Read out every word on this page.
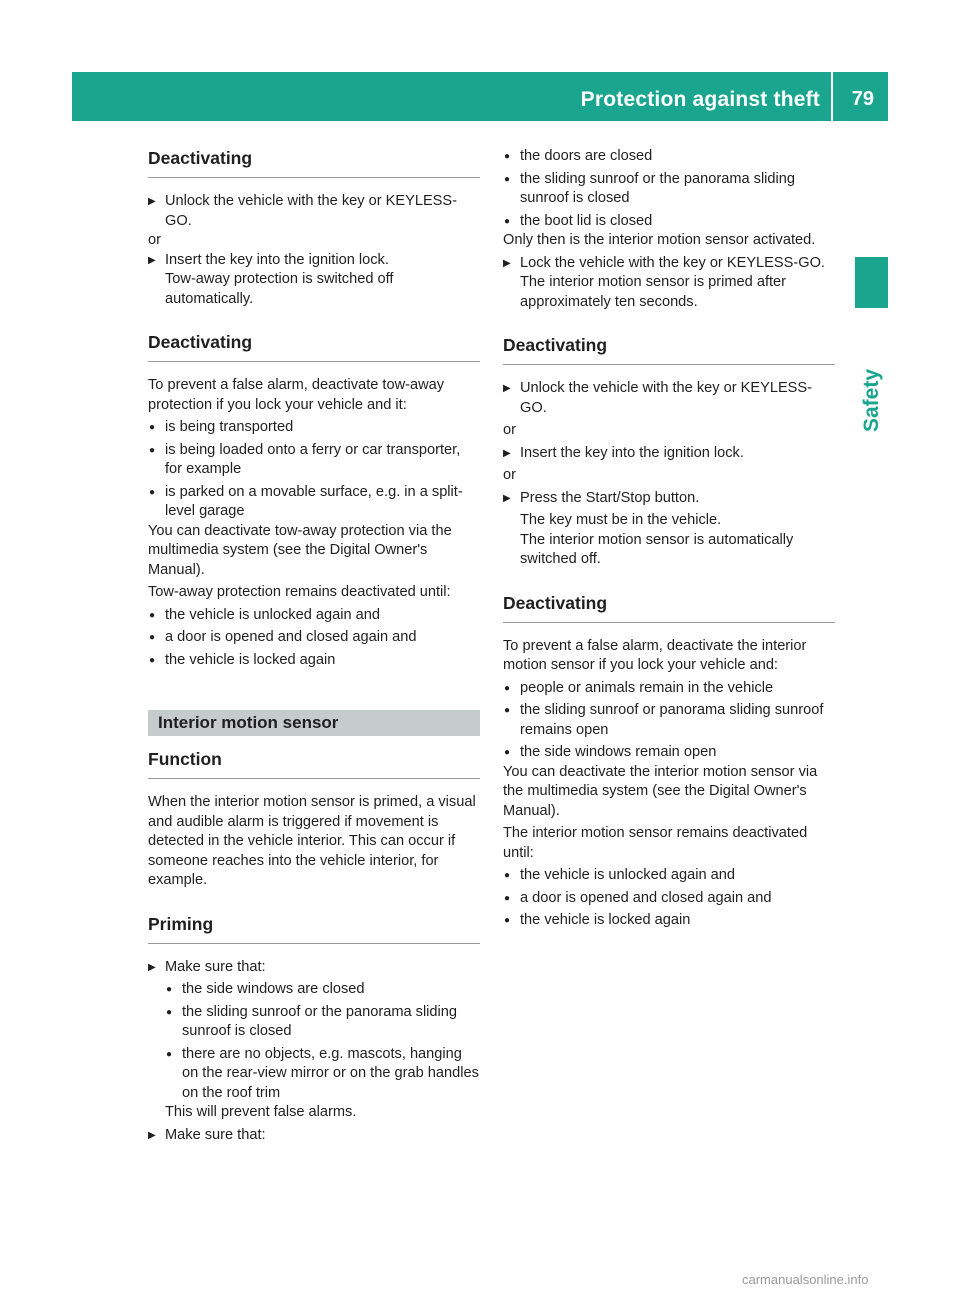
Protection against theft 79
Safety
Deactivating

▶ Unlock the vehicle with the key or KEYLESS-GO.

or

▶ Insert the key into the ignition lock.

Tow-away protection is switched off automatically.

Deactivating

To prevent a false alarm, deactivate tow-away protection if you lock your vehicle and it:

● is being transported

● is being loaded onto a ferry or car transporter, for example

● is parked on a movable surface, e.g. in a split-level garage

You can deactivate tow-away protection via the multimedia system (see the Digital Owner's Manual).

Tow-away protection remains deactivated until:

● the vehicle is unlocked again and

● a door is opened and closed again and

● the vehicle is locked again

Interior motion sensor
Function

When the interior motion sensor is primed, a visual and audible alarm is triggered if movement is detected in the vehicle interior. This can occur if someone reaches into the vehicle interior, for example.

Priming

▶ Make sure that:

● the side windows are closed

● the sliding sunroof or the panorama sliding sunroof is closed

● there are no objects, e.g. mascots, hanging on the rear-view mirror or on the grab handles on the roof trim

This will prevent false alarms.

▶ Make sure that:

● the doors are closed

● the sliding sunroof or the panorama sliding sunroof is closed

● the boot lid is closed

Only then is the interior motion sensor activated.

▶ Lock the vehicle with the key or KEYLESS-GO.

The interior motion sensor is primed after approximately ten seconds.

Deactivating

▶ Unlock the vehicle with the key or KEYLESS-GO.

or

▶ Insert the key into the ignition lock.

or

▶ Press the Start/Stop button.

The key must be in the vehicle.

The interior motion sensor is automatically switched off.

Deactivating

To prevent a false alarm, deactivate the interior motion sensor if you lock your vehicle and:

● people or animals remain in the vehicle

● the sliding sunroof or panorama sliding sunroof remains open

● the side windows remain open

You can deactivate the interior motion sensor via the multimedia system (see the Digital Owner's Manual).

The interior motion sensor remains deactivated until:

● the vehicle is unlocked again and

● a door is opened and closed again and

● the vehicle is locked again

carmanualsonline.info
